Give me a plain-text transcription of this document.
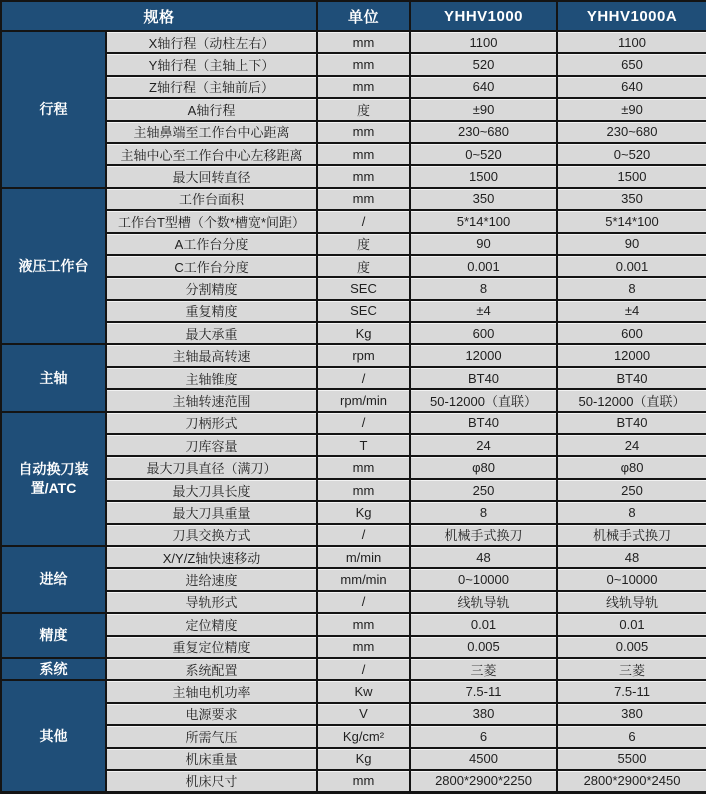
规格		单位	YHHV1000	YHHV1000A
行程	X轴行程（动柱左右）	mm	1100	1100
	Y轴行程（主轴上下）	mm	520	650
	Z轴行程（主轴前后）	mm	640	640
	A轴行程	度	±90	±90
	主轴鼻端至工作台中心距离	mm	230~680	230~680
	主轴中心至工作台中心左移距离	mm	0~520	0~520
	最大回转直径	mm	1500	1500
液压工作台	工作台面积	mm	350	350
	工作台T型槽（个数*槽宽*间距）	/	5*14*100	5*14*100
	A工作台分度	度	90	90
	C工作台分度	度	0.001	0.001
	分割精度	SEC	8	8
	重复精度	SEC	±4	±4
	最大承重	Kg	600	600
主轴	主轴最高转速	rpm	12000	12000
	主轴锥度	/	BT40	BT40
	主轴转速范围	rpm/min	50-12000（直联）	50-12000（直联）
自动换刀装置/ATC	刀柄形式	/	BT40	BT40
	刀库容量	T	24	24
	最大刀具直径（满刀）	mm	φ80	φ80
	最大刀具长度	mm	250	250
	最大刀具重量	Kg	8	8
	刀具交换方式	/	机械手式换刀	机械手式换刀
进给	X/Y/Z轴快速移动	m/min	48	48
	进给速度	mm/min	0~10000	0~10000
	导轨形式	/	线轨导轨	线轨导轨
精度	定位精度	mm	0.01	0.01
	重复定位精度	mm	0.005	0.005
系统	系统配置	/	三菱	三菱
其他	主轴电机功率	Kw	7.5-11	7.5-11
	电源要求	V	380	380
	所需气压	Kg/cm²	6	6
	机床重量	Kg	4500	5500
	机床尺寸	mm	2800*2900*2250	2800*2900*2450
